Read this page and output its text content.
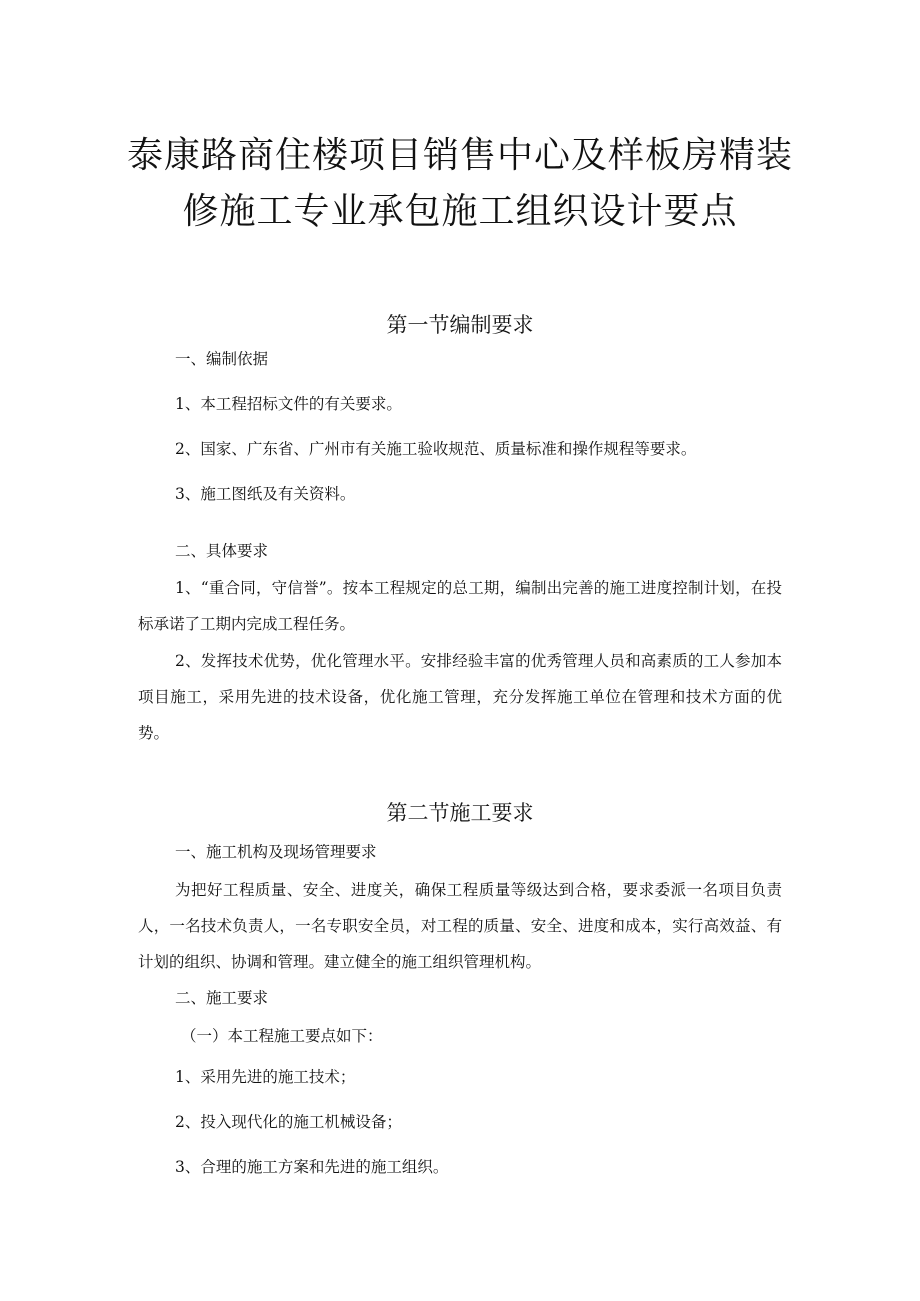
泰康路商住楼项目销售中心及样板房精装
修施工专业承包施工组织设计要点
第一节编制要求
一、编制依据
1、本工程招标文件的有关要求。
2、国家、广东省、广州市有关施工验收规范、质量标准和操作规程等要求。
3、施工图纸及有关资料。
二、具体要求
1、“重合同，守信誉”。按本工程规定的总工期，编制出完善的施工进度控制计划，在投标承诺了工期内完成工程任务。
2、发挥技术优势，优化管理水平。安排经验丰富的优秀管理人员和高素质的工人参加本项目施工，采用先进的技术设备，优化施工管理，充分发挥施工单位在管理和技术方面的优势。
第二节施工要求
一、施工机构及现场管理要求
为把好工程质量、安全、进度关，确保工程质量等级达到合格，要求委派一名项目负责人，一名技术负责人，一名专职安全员，对工程的质量、安全、进度和成本，实行高效益、有计划的组织、协调和管理。建立健全的施工组织管理机构。
二、施工要求
（一）本工程施工要点如下：
1、采用先进的施工技术；
2、投入现代化的施工机械设备；
3、合理的施工方案和先进的施工组织。
